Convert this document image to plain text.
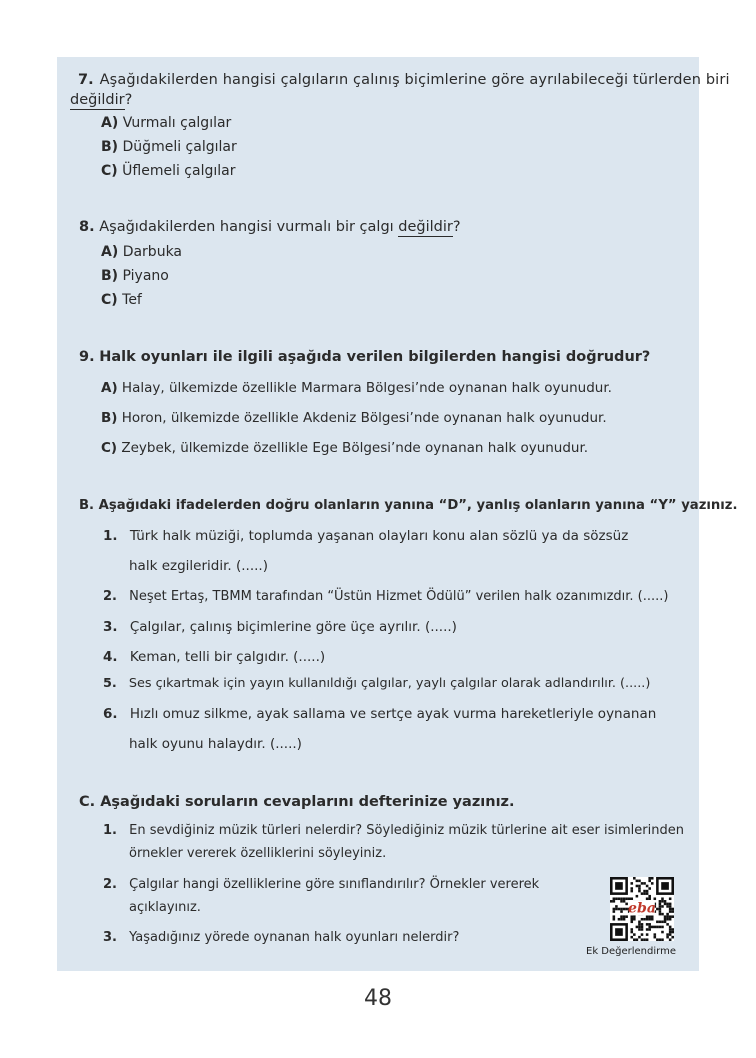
7. Aşağıdakilerden hangisi çalgıların çalınış biçimlerine göre ayrılabileceği türlerden biri
değildir?
A) Vurmalı çalgılar
B) Düğmeli çalgılar
C) Üflemeli çalgılar
8. Aşağıdakilerden hangisi vurmalı bir çalgı değildir?
A) Darbuka
B) Piyano
C) Tef
9. Halk oyunları ile ilgili aşağıda verilen bilgilerden hangisi doğrudur?
A) Halay, ülkemizde özellikle Marmara Bölgesi’nde oynanan halk oyunudur.
B) Horon, ülkemizde özellikle Akdeniz Bölgesi’nde oynanan halk oyunudur.
C) Zeybek, ülkemizde özellikle Ege Bölgesi’nde oynanan halk oyunudur.
B. Aşağıdaki ifadelerden doğru olanların yanına “D”, yanlış olanların yanına “Y” yazınız.
1. Türk halk müziği, toplumda yaşanan olayları konu alan sözlü ya da sözsüz
halk ezgileridir. (.....)
2. Neşet Ertaş, TBMM tarafından “Üstün Hizmet Ödülü” verilen halk ozanımızdır. (.....)
3. Çalgılar, çalınış biçimlerine göre üçe ayrılır. (.....)
4. Keman, telli bir çalgıdır. (.....)
5. Ses çıkartmak için yayın kullanıldığı çalgılar, yaylı çalgılar olarak adlandırılır. (.....)
6. Hızlı omuz silkme, ayak sallama ve sertçe ayak vurma hareketleriyle oynanan
halk oyunu halaydır. (.....)
C. Aşağıdaki soruların cevaplarını defterinize yazınız.
1. En sevdiğiniz müzik türleri nelerdir? Söylediğiniz müzik türlerine ait eser isimlerinden
örnekler vererek özelliklerini söyleyiniz.
2. Çalgılar hangi özelliklerine göre sınıflandırılır? Örnekler vererek
açıklayınız.
3. Yaşadığınız yörede oynanan halk oyunları nelerdir?
eba
Ek Değerlendirme
48
